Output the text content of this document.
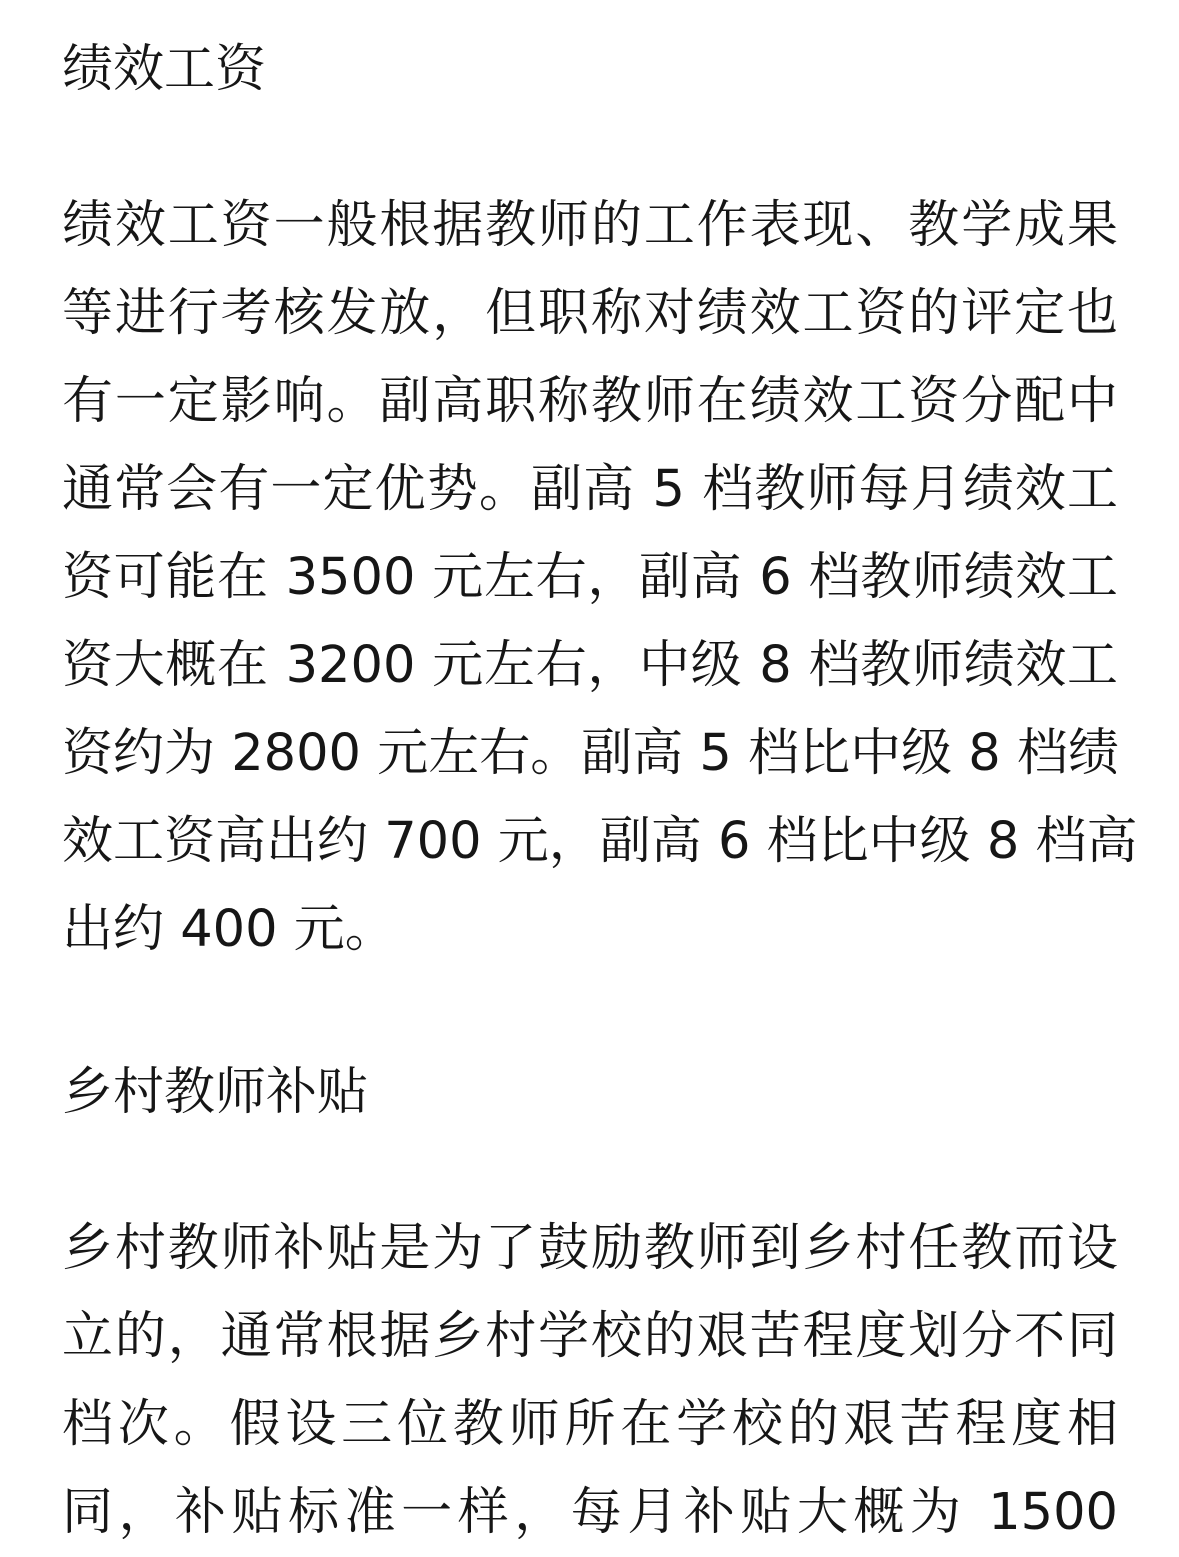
绩效工资
绩效工资一般根据教师的工作表现、教学成果
等进行考核发放，但职称对绩效工资的评定也
有一定影响。副高职称教师在绩效工资分配中
通常会有一定优势。副高 5 档教师每月绩效工
资可能在 3500 元左右，副高 6 档教师绩效工
资大概在 3200 元左右，中级 8 档教师绩效工
资约为 2800 元左右。副高 5 档比中级 8 档绩
效工资高出约 700 元，副高 6 档比中级 8 档高
出约 400 元。
乡村教师补贴
乡村教师补贴是为了鼓励教师到乡村任教而设
立的，通常根据乡村学校的艰苦程度划分不同
档次。假设三位教师所在学校的艰苦程度相
同，补贴标准一样，每月补贴大概为 1500
